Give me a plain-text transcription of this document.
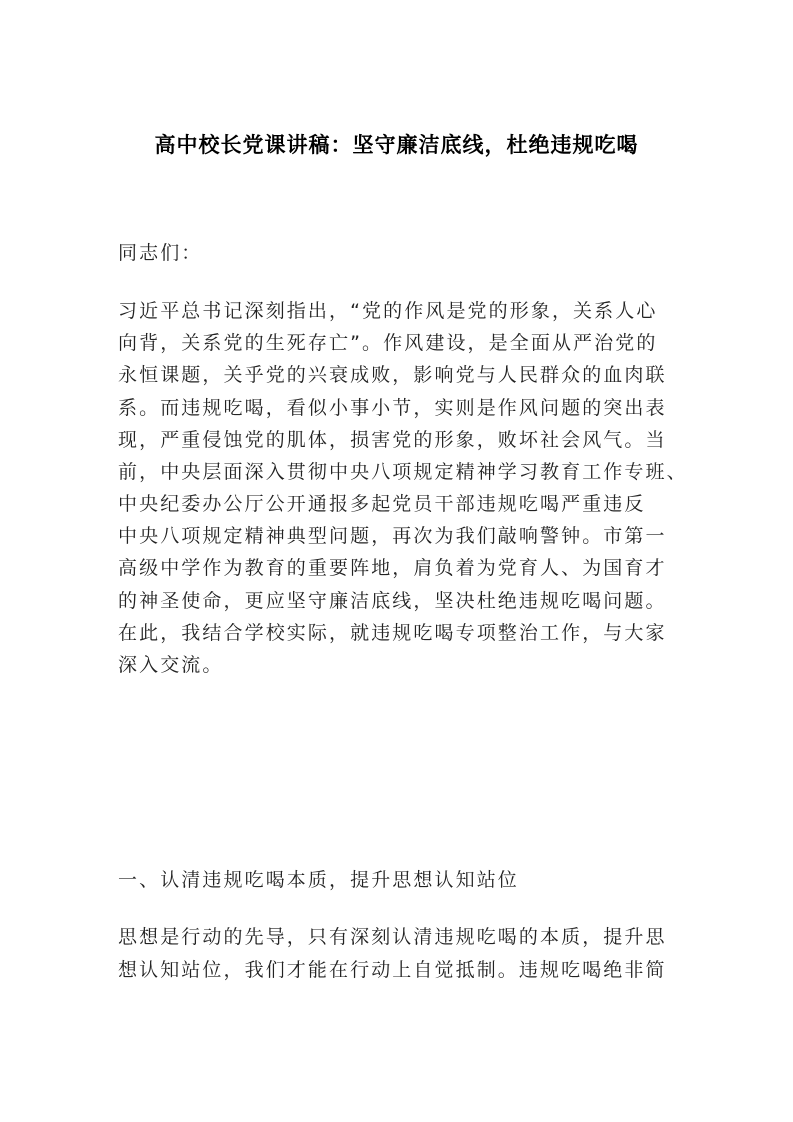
高中校长党课讲稿：坚守廉洁底线，杜绝违规吃喝
同志们：
习近平总书记深刻指出，“党的作风是党的形象，关系人心
向背，关系党的生死存亡”。作风建设，是全面从严治党的
永恒课题，关乎党的兴衰成败，影响党与人民群众的血肉联
系。而违规吃喝，看似小事小节，实则是作风问题的突出表
现，严重侵蚀党的肌体，损害党的形象，败坏社会风气。当
前，中央层面深入贯彻中央八项规定精神学习教育工作专班、
中央纪委办公厅公开通报多起党员干部违规吃喝严重违反
中央八项规定精神典型问题，再次为我们敲响警钟。市第一
高级中学作为教育的重要阵地，肩负着为党育人、为国育才
的神圣使命，更应坚守廉洁底线，坚决杜绝违规吃喝问题。
在此，我结合学校实际，就违规吃喝专项整治工作，与大家
深入交流。
一、认清违规吃喝本质，提升思想认知站位
思想是行动的先导，只有深刻认清违规吃喝的本质，提升思
想认知站位，我们才能在行动上自觉抵制。违规吃喝绝非简
